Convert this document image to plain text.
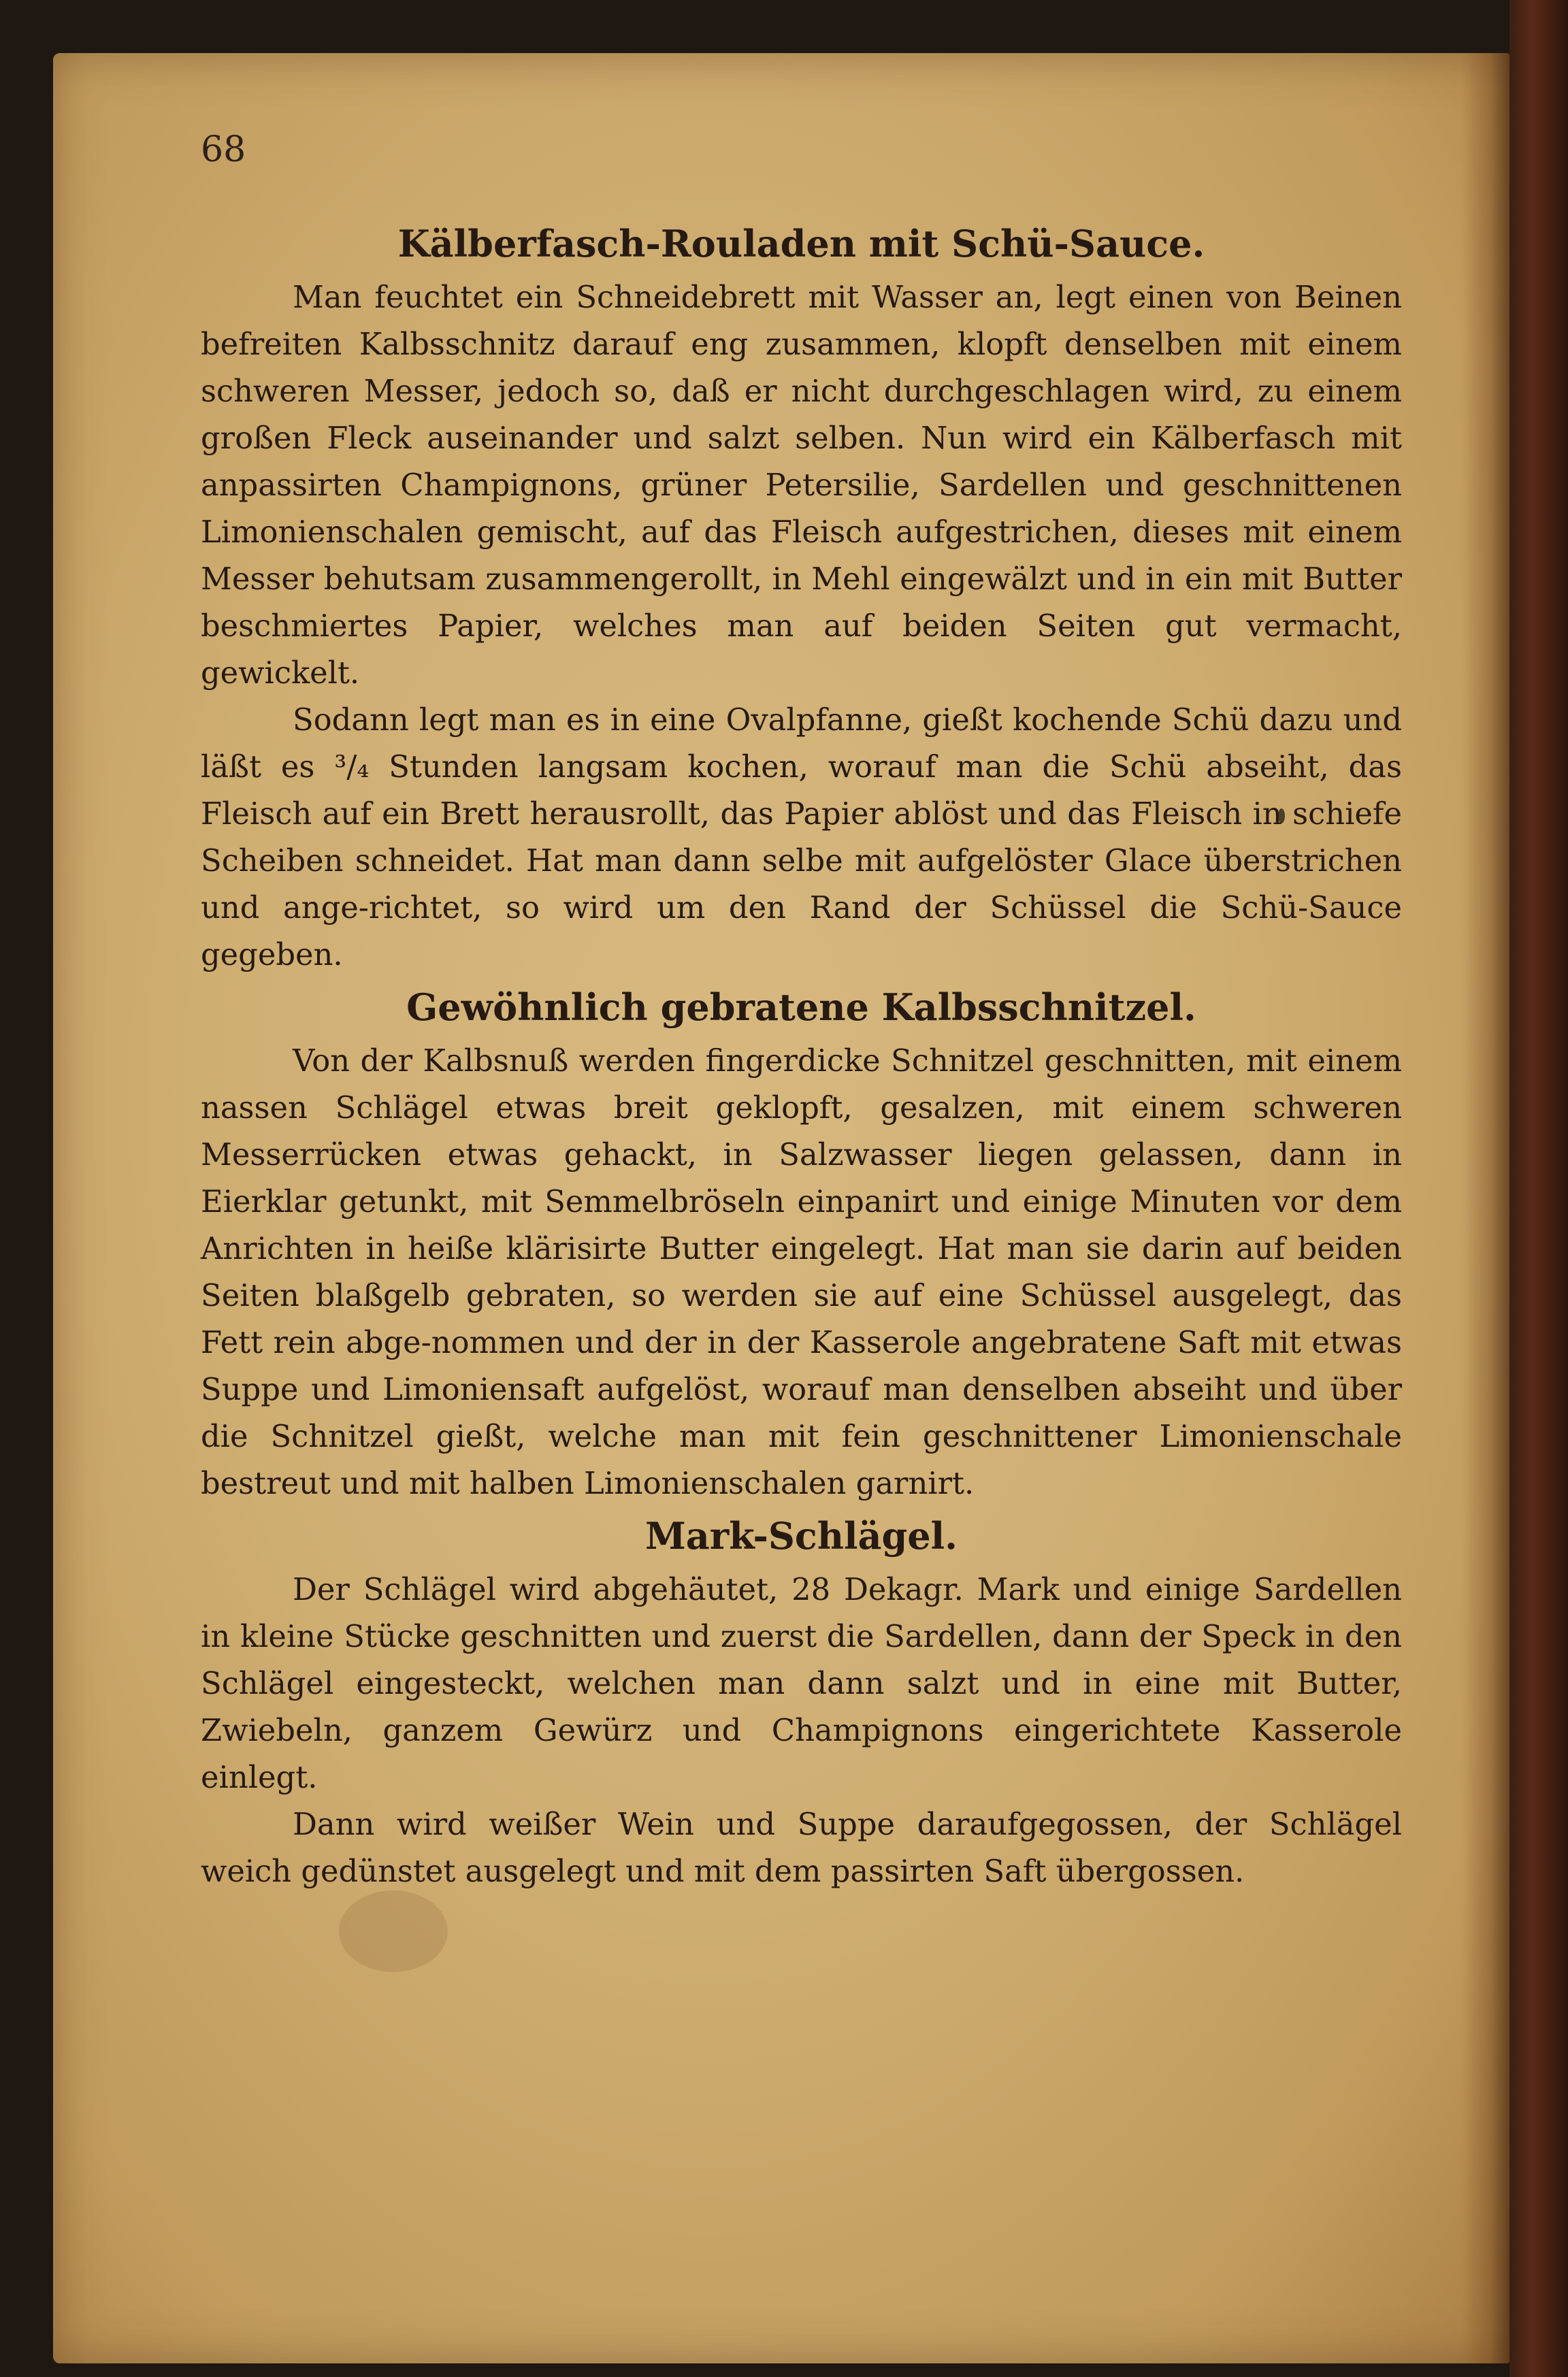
68

Kälberfasch-Rouladen mit Schü-Sauce.

Man feuchtet ein Schneidebrett mit Wasser an, legt einen von Beinen befreiten Kalbsschnitz darauf eng zusammen, klopft denselben mit einem schweren Messer, jedoch so, daß er nicht durchgeschlagen wird, zu einem großen Fleck auseinander und salzt selben. Nun wird ein Kälberfasch mit anpassirten Champignons, grüner Petersilie, Sardellen und geschnittenen Limonienschalen gemischt, auf das Fleisch aufgestrichen, dieses mit einem Messer behutsam zusammengerollt, in Mehl eingewälzt und in ein mit Butter beschmiertes Papier, welches man auf beiden Seiten gut vermacht, gewickelt.

Sodann legt man es in eine Ovalpfanne, gießt kochende Schü dazu und läßt es ³/₄ Stunden langsam kochen, worauf man die Schü abseiht, das Fleisch auf ein Brett herausrollt, das Papier ablöst und das Fleisch in schiefe Scheiben schneidet. Hat man dann selbe mit aufgelöster Glace überstrichen und ange-richtet, so wird um den Rand der Schüssel die Schü-Sauce gegeben.

Gewöhnlich gebratene Kalbsschnitzel.

Von der Kalbsnuß werden fingerdicke Schnitzel geschnitten, mit einem nassen Schlägel etwas breit geklopft, gesalzen, mit einem schweren Messerrücken etwas gehackt, in Salzwasser liegen gelassen, dann in Eierklar getunkt, mit Semmelbröseln einpanirt und einige Minuten vor dem Anrichten in heiße klärisirte Butter eingelegt. Hat man sie darin auf beiden Seiten blaßgelb gebraten, so werden sie auf eine Schüssel ausgelegt, das Fett rein abge-nommen und der in der Kasserole angebratene Saft mit etwas Suppe und Limoniensaft aufgelöst, worauf man denselben abseiht und über die Schnitzel gießt, welche man mit fein geschnittener Limonienschale bestreut und mit halben Limonienschalen garnirt.

Mark-Schlägel.

Der Schlägel wird abgehäutet, 28 Dekagr. Mark und einige Sardellen in kleine Stücke geschnitten und zuerst die Sardellen, dann der Speck in den Schlägel eingesteckt, welchen man dann salzt und in eine mit Butter, Zwiebeln, ganzem Gewürz und Champignons eingerichtete Kasserole einlegt.

Dann wird weißer Wein und Suppe daraufgegossen, der Schlägel weich gedünstet ausgelegt und mit dem passirten Saft übergossen.
